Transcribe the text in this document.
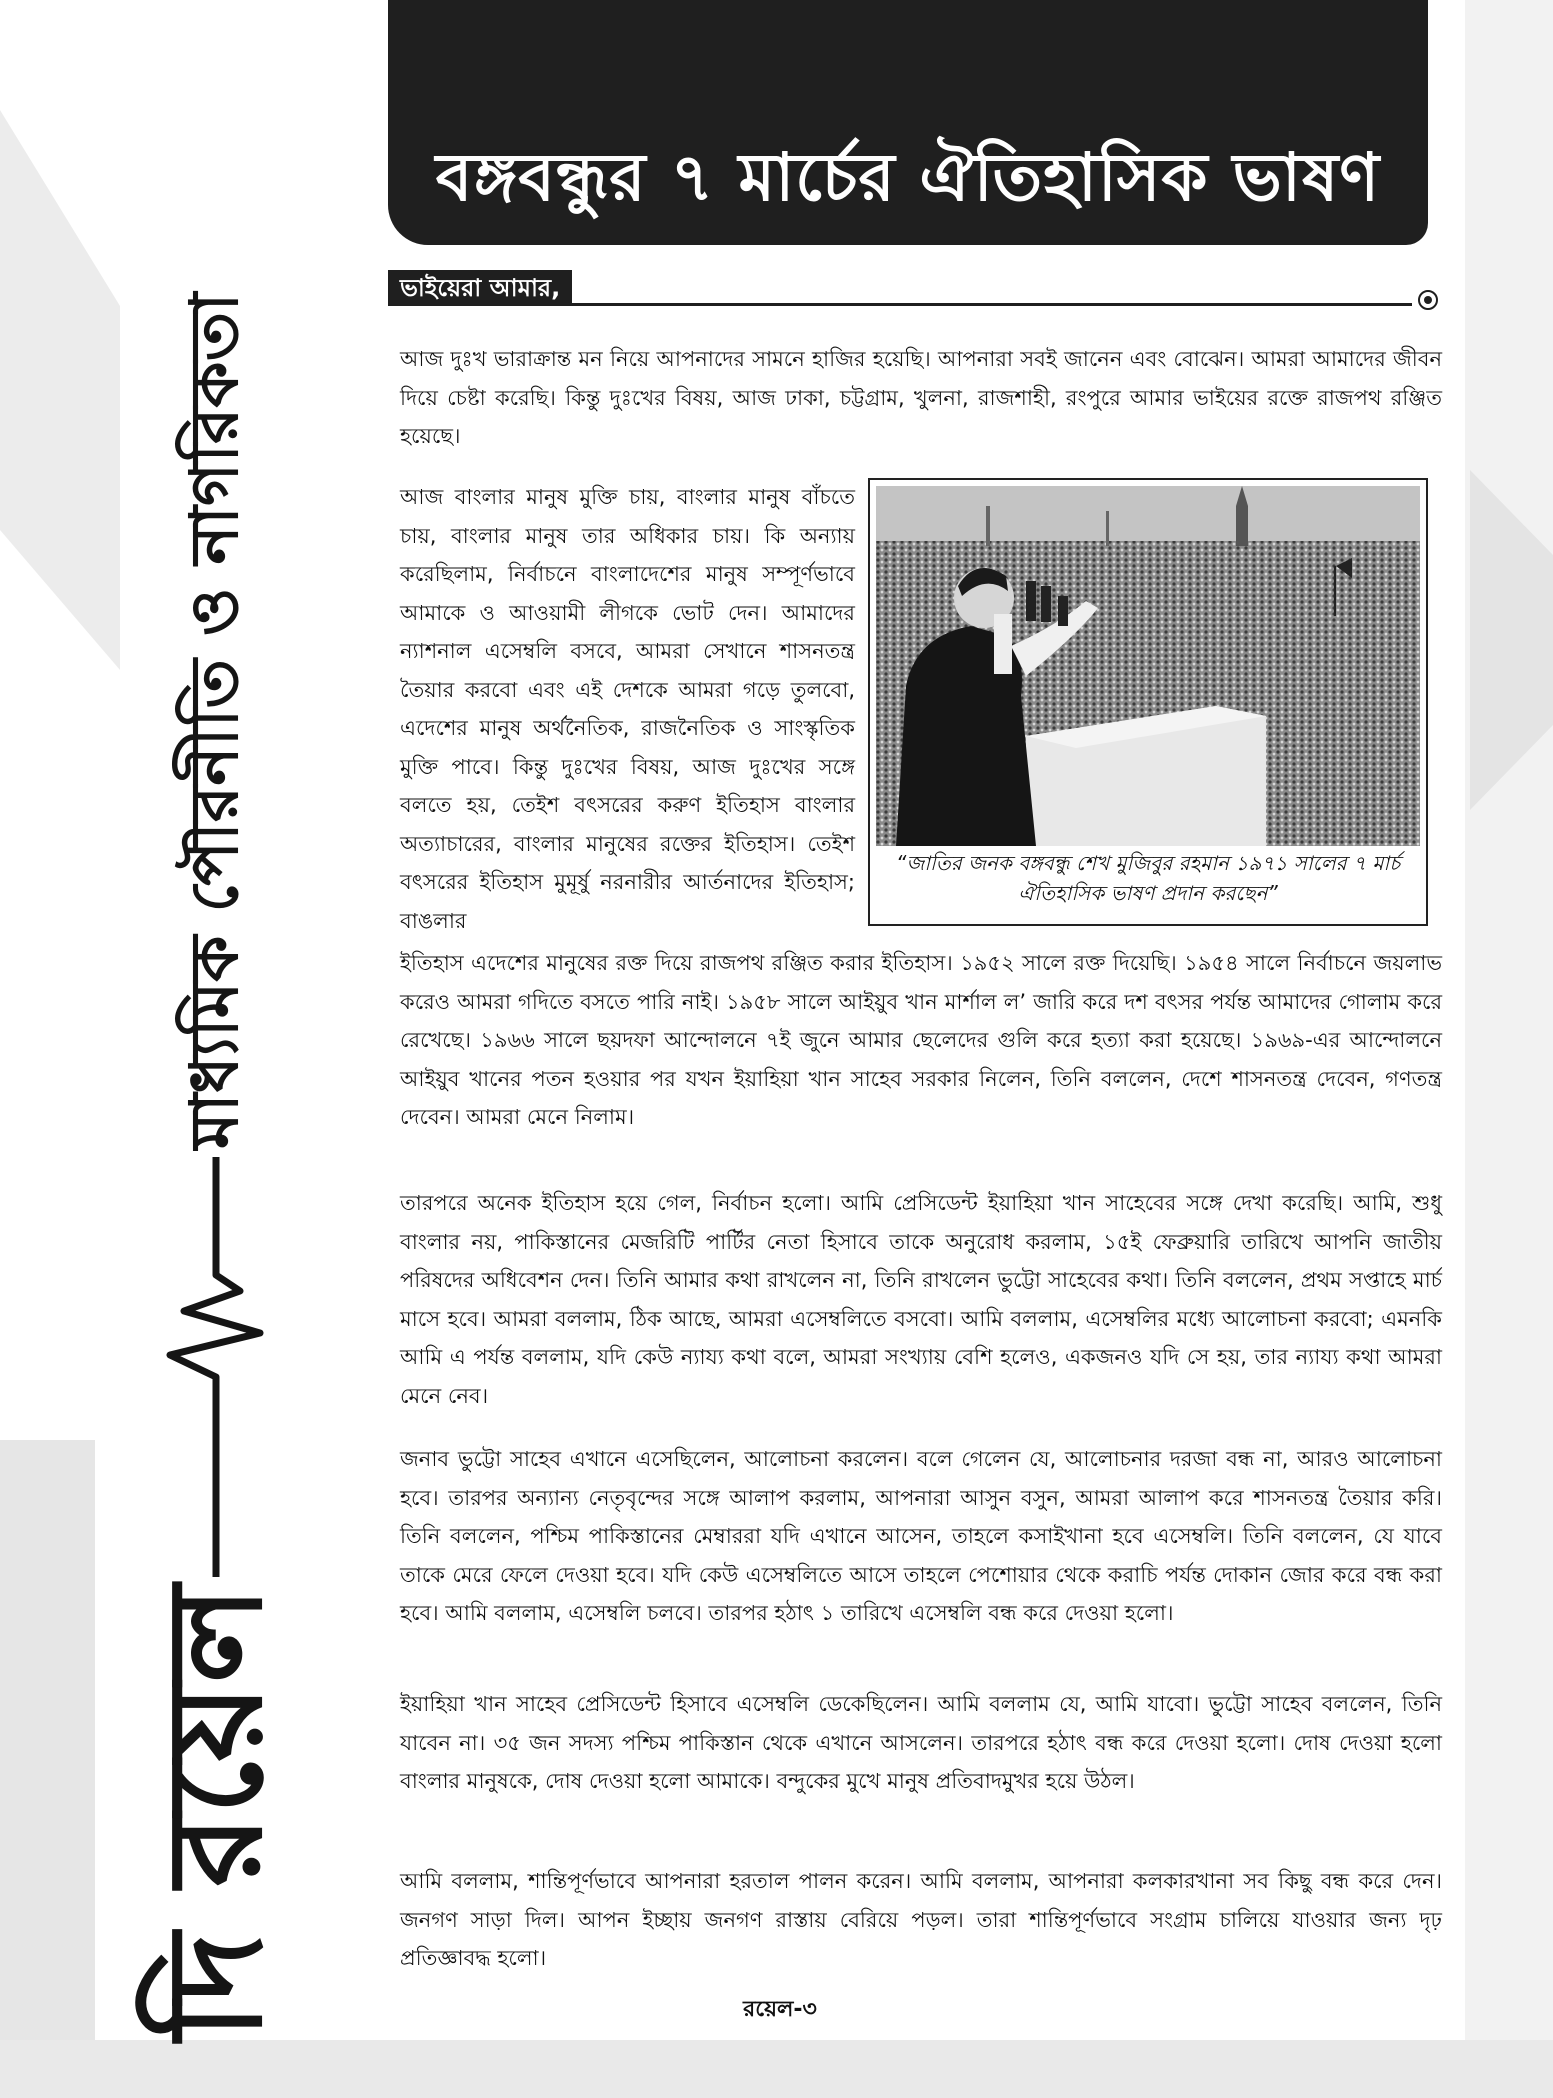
বঙ্গবন্ধুর ৭ মার্চের ঐতিহাসিক ভাষণ
দি রয়েল
মাধ্যমিক পৌরনীতি ও নাগরিকতা
ভাইয়েরা আমার,

আজ দুঃখ ভারাক্রান্ত মন নিয়ে আপনাদের সামনে হাজির হয়েছি। আপনারা সবই জানেন এবং বোঝেন। আমরা আমাদের জীবন দিয়ে চেষ্টা করেছি। কিন্তু দুঃখের বিষয়, আজ ঢাকা, চট্টগ্রাম, খুলনা, রাজশাহী, রংপুরে আমার ভাইয়ের রক্তে রাজপথ রঞ্জিত হয়েছে।

আজ বাংলার মানুষ মুক্তি চায়, বাংলার মানুষ বাঁচতে চায়, বাংলার মানুষ তার অধিকার চায়। কি অন্যায় করেছিলাম, নির্বাচনে বাংলাদেশের মানুষ সম্পূর্ণভাবে আমাকে ও আওয়ামী লীগকে ভোট দেন। আমাদের ন্যাশনাল এসেম্বলি বসবে, আমরা সেখানে শাসনতন্ত্র তৈয়ার করবো এবং এই দেশকে আমরা গড়ে তুলবো, এদেশের মানুষ অর্থনৈতিক, রাজনৈতিক ও সাংস্কৃতিক মুক্তি পাবে। কিন্তু দুঃখের বিষয়, আজ দুঃখের সঙ্গে বলতে হয়, তেইশ বৎসরের করুণ ইতিহাস বাংলার অত্যাচারের, বাংলার মানুষের রক্তের ইতিহাস। তেইশ বৎসরের ইতিহাস মুমূর্ষু নরনারীর আর্তনাদের ইতিহাস; বাঙলার

ইতিহাস এদেশের মানুষের রক্ত দিয়ে রাজপথ রঞ্জিত করার ইতিহাস। ১৯৫২ সালে রক্ত দিয়েছি। ১৯৫৪ সালে নির্বাচনে জয়লাভ করেও আমরা গদিতে বসতে পারি নাই। ১৯৫৮ সালে আইয়ুব খান মার্শাল ল’ জারি করে দশ বৎসর পর্যন্ত আমাদের গোলাম করে রেখেছে। ১৯৬৬ সালে ছয়দফা আন্দোলনে ৭ই জুনে আমার ছেলেদের গুলি করে হত্যা করা হয়েছে। ১৯৬৯-এর আন্দোলনে আইয়ুব খানের পতন হওয়ার পর যখন ইয়াহিয়া খান সাহেব সরকার নিলেন, তিনি বললেন, দেশে শাসনতন্ত্র দেবেন, গণতন্ত্র দেবেন। আমরা মেনে নিলাম।

তারপরে অনেক ইতিহাস হয়ে গেল, নির্বাচন হলো। আমি প্রেসিডেন্ট ইয়াহিয়া খান সাহেবের সঙ্গে দেখা করেছি। আমি, শুধু বাংলার নয়, পাকিস্তানের মেজরিটি পার্টির নেতা হিসাবে তাকে অনুরোধ করলাম, ১৫ই ফেব্রুয়ারি তারিখে আপনি জাতীয় পরিষদের অধিবেশন দেন। তিনি আমার কথা রাখলেন না, তিনি রাখলেন ভুট্টো সাহেবের কথা। তিনি বললেন, প্রথম সপ্তাহে মার্চ মাসে হবে। আমরা বললাম, ঠিক আছে, আমরা এসেম্বলিতে বসবো। আমি বললাম, এসেম্বলির মধ্যে আলোচনা করবো; এমনকি আমি এ পর্যন্ত বললাম, যদি কেউ ন্যায্য কথা বলে, আমরা সংখ্যায় বেশি হলেও, একজনও যদি সে হয়, তার ন্যায্য কথা আমরা মেনে নেব।

জনাব ভুট্টো সাহেব এখানে এসেছিলেন, আলোচনা করলেন। বলে গেলেন যে, আলোচনার দরজা বন্ধ না, আরও আলোচনা হবে। তারপর অন্যান্য নেতৃবৃন্দের সঙ্গে আলাপ করলাম, আপনারা আসুন বসুন, আমরা আলাপ করে শাসনতন্ত্র তৈয়ার করি। তিনি বললেন, পশ্চিম পাকিস্তানের মেম্বাররা যদি এখানে আসেন, তাহলে কসাইখানা হবে এসেম্বলি। তিনি বললেন, যে যাবে তাকে মেরে ফেলে দেওয়া হবে। যদি কেউ এসেম্বলিতে আসে তাহলে পেশোয়ার থেকে করাচি পর্যন্ত দোকান জোর করে বন্ধ করা হবে। আমি বললাম, এসেম্বলি চলবে। তারপর হঠাৎ ১ তারিখে এসেম্বলি বন্ধ করে দেওয়া হলো।

ইয়াহিয়া খান সাহেব প্রেসিডেন্ট হিসাবে এসেম্বলি ডেকেছিলেন। আমি বললাম যে, আমি যাবো। ভুট্টো সাহেব বললেন, তিনি যাবেন না। ৩৫ জন সদস্য পশ্চিম পাকিস্তান থেকে এখানে আসলেন। তারপরে হঠাৎ বন্ধ করে দেওয়া হলো। দোষ দেওয়া হলো বাংলার মানুষকে, দোষ দেওয়া হলো আমাকে। বন্দুকের মুখে মানুষ প্রতিবাদমুখর হয়ে উঠল।

আমি বললাম, শান্তিপূর্ণভাবে আপনারা হরতাল পালন করেন। আমি বললাম, আপনারা কলকারখানা সব কিছু বন্ধ করে দেন। জনগণ সাড়া দিল। আপন ইচ্ছায় জনগণ রাস্তায় বেরিয়ে পড়ল। তারা শান্তিপূর্ণভাবে সংগ্রাম চালিয়ে যাওয়ার জন্য দৃঢ় প্রতিজ্ঞাবদ্ধ হলো।

“জাতির জনক বঙ্গবন্ধু শেখ মুজিবুর রহমান ১৯৭১ সালের ৭ মার্চ ঐতিহাসিক ভাষণ প্রদান করছেন”
রয়েল-৩
